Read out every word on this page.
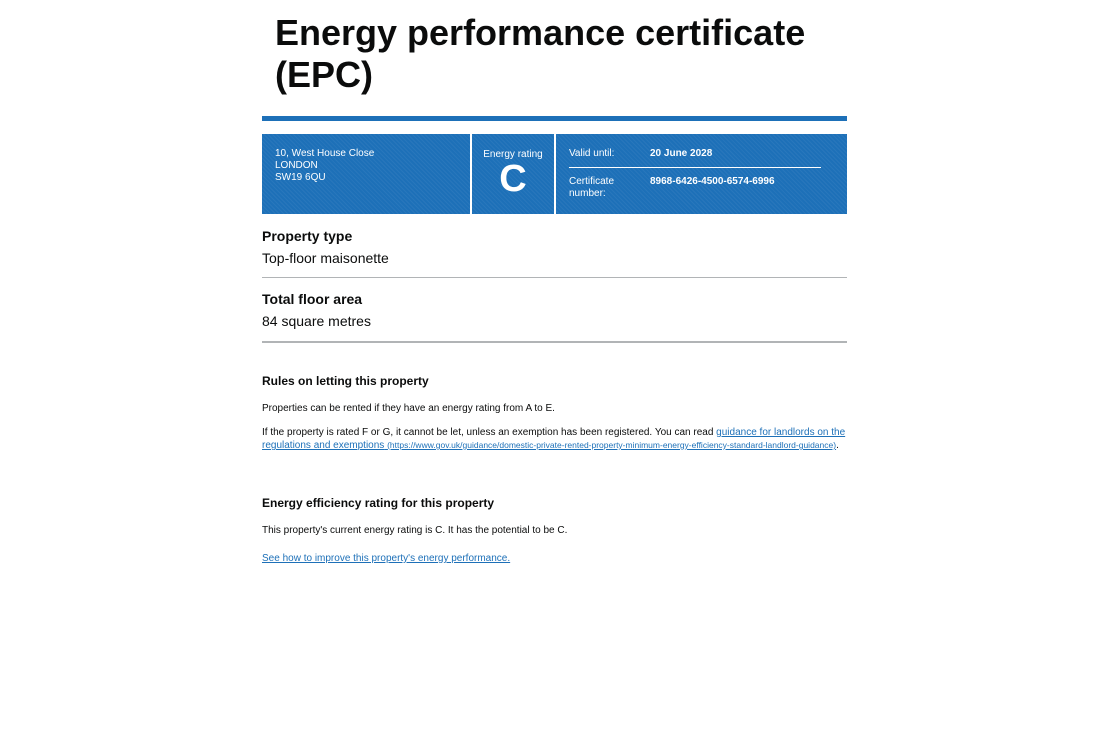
Energy performance certificate (EPC)
10, West House Close
LONDON
SW19 6QU
Energy rating
C
Valid until:	20 June 2028
Certificate number:
8968-6426-4500-6574-6996
Property type
Top-floor maisonette
Total floor area
84 square metres
Rules on letting this property

Properties can be rented if they have an energy rating from A to E.

If the property is rated F or G, it cannot be let, unless an exemption has been registered. You can read guidance for landlords on the regulations and exemptions (https://www.gov.uk/guidance/domestic-private-rented-property-minimum-energy-efficiency-standard-landlord-guidance).

Energy efficiency rating for this property

This property's current energy rating is C. It has the potential to be C.

See how to improve this property's energy performance.
